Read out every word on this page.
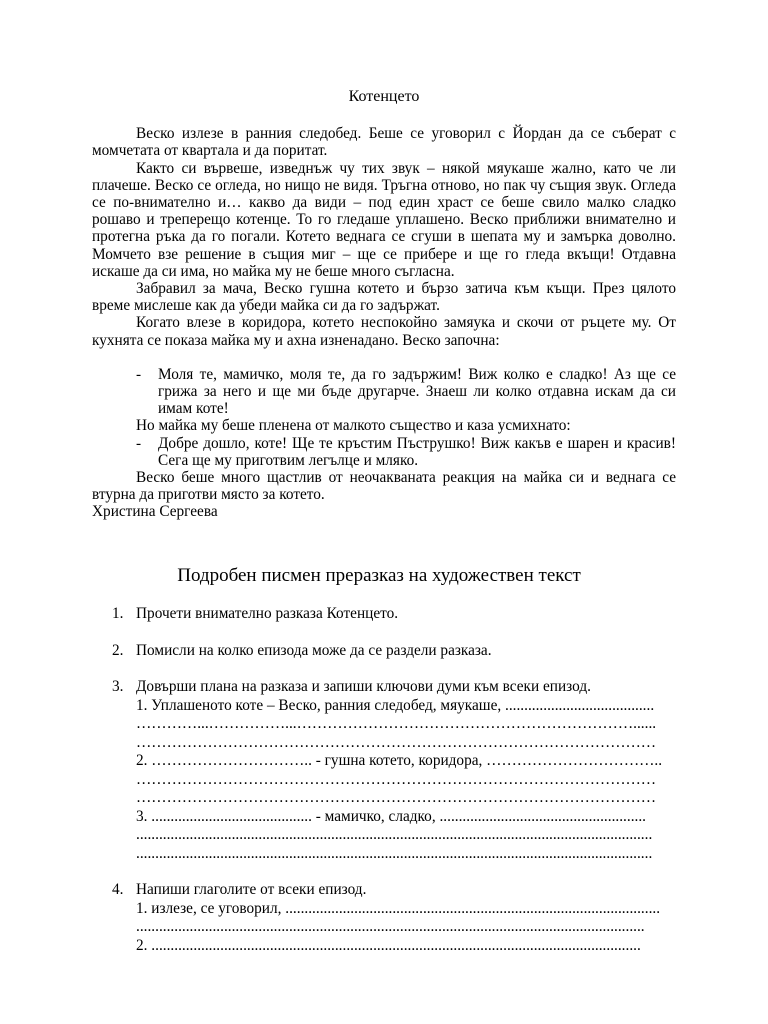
Котенцето

Веско излезе в ранния следобед. Беше се уговорил с Йордан да се съберат с момчетата от квартала и да поритат.

Както си вървеше, изведнъж чу тих звук – някой мяукаше жално, като че ли плачеше. Веско се огледа, но нищо не видя. Тръгна отново, но пак чу същия звук. Огледа се по-внимателно и… какво да види – под един храст се беше свило малко сладко рошаво и треперещо котенце. То го гледаше уплашено. Веско приближи внимателно и протегна ръка да го погали. Котето веднага се сгуши в шепата му и замърка доволно. Момчето взе решение в същия миг – ще се прибере и ще го гледа вкъщи! Отдавна искаше да си има, но майка му не беше много съгласна.

Забравил за мача, Веско гушна котето и бързо затича към къщи. През цялото време мислеше как да убеди майка си да го задържат.

Когато влезе в коридора, котето неспокойно замяука и скочи от ръцете му. От кухнята се показа майка му и ахна изненадано. Веско започна:

-	Моля те, мамичко, моля те, да го задържим! Виж колко е сладко! Аз ще се грижа за него и ще ми бъде другарче. Знаеш ли колко отдавна искам да си имам коте!

Но майка му беше пленена от малкото същество и каза усмихнато:

-	Добре дошло, коте! Ще те кръстим Пъструшко! Виж какъв е шарен и красив! Сега ще му приготвим легълце и мляко.

Веско беше много щастлив от неочакваната реакция на майка си и веднага се втурна да приготви място за котето.

Христина Сергеева

Подробен писмен преразказ на художествен текст
1. Прочети внимателно разказа Котенцето.
2. Помисли на колко епизода може да се раздели разказа.
3. Довърши плана на разказа и запиши ключови думи към всеки епизод.
1. Уплашеното коте – Веско, ранния следобед, мяукаше, .......................................
…………...……………...…………………………………………………………......
…………………………………………………………………………………………
2. ………………………….. - гушна котето, коридора, ……………………………..
…………………………………………………………………………………………
…………………………………………………………………………………………
3. .......................................... - мамичко, сладко, ......................................................
.......................................................................................................................................
.......................................................................................................................................
4. Напиши глаголите от всеки епизод.
1. излезе, се уговорил, ..................................................................................................
.....................................................................................................................................
2. ................................................................................................................................
